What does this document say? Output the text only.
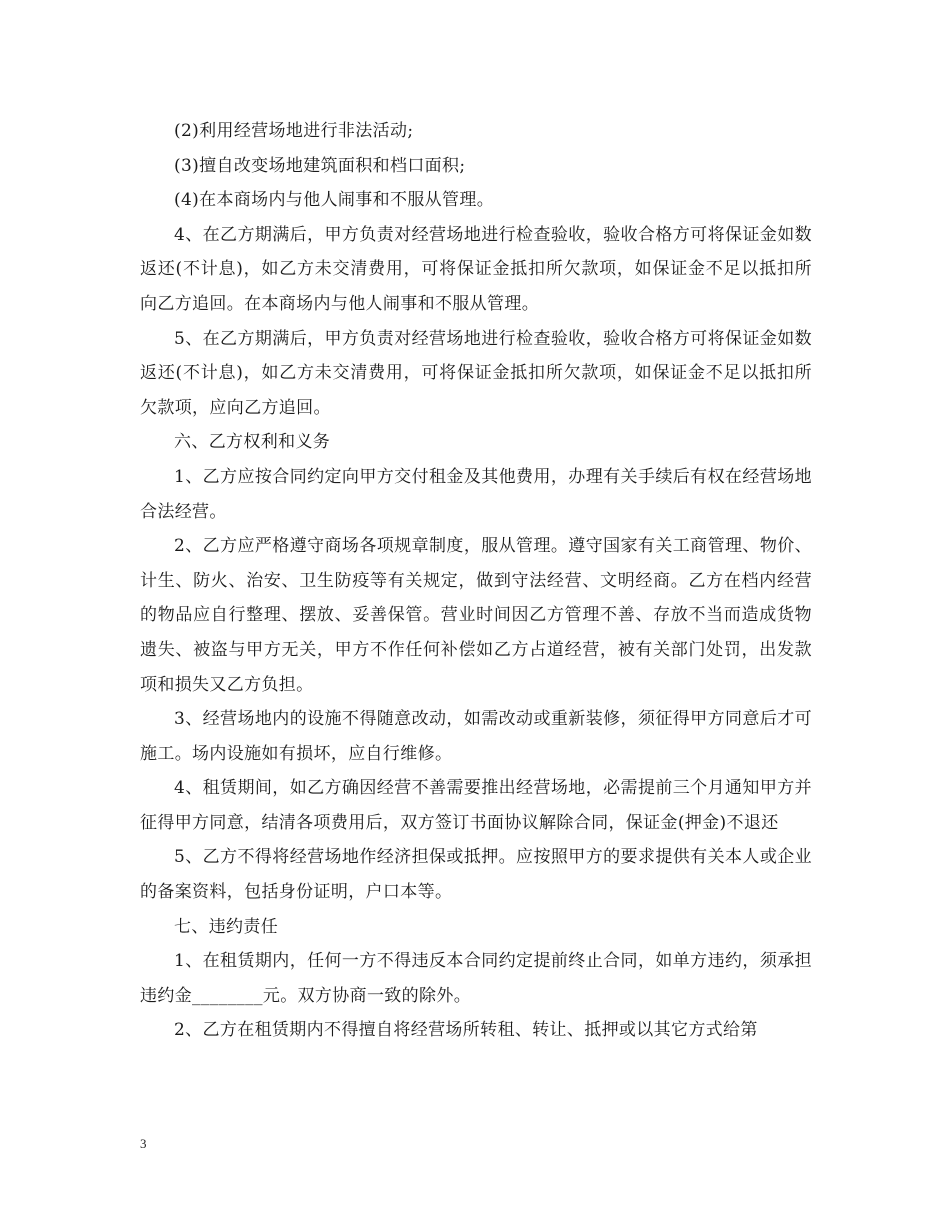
(2)利用经营场地进行非法活动;

(3)擅自改变场地建筑面积和档口面积;

(4)在本商场内与他人闹事和不服从管理。

4、在乙方期满后，甲方负责对经营场地进行检查验收，验收合格方可将保证金如数返还(不计息)，如乙方未交清费用，可将保证金抵扣所欠款项，如保证金不足以抵扣所向乙方追回。在本商场内与他人闹事和不服从管理。

5、在乙方期满后，甲方负责对经营场地进行检查验收，验收合格方可将保证金如数返还(不计息)，如乙方未交清费用，可将保证金抵扣所欠款项，如保证金不足以抵扣所欠款项，应向乙方追回。

六、乙方权利和义务

1、乙方应按合同约定向甲方交付租金及其他费用，办理有关手续后有权在经营场地合法经营。

2、乙方应严格遵守商场各项规章制度，服从管理。遵守国家有关工商管理、物价、计生、防火、治安、卫生防疫等有关规定，做到守法经营、文明经商。乙方在档内经营的物品应自行整理、摆放、妥善保管。营业时间因乙方管理不善、存放不当而造成货物遗失、被盗与甲方无关，甲方不作任何补偿如乙方占道经营，被有关部门处罚，出发款项和损失又乙方负担。

3、经营场地内的设施不得随意改动，如需改动或重新装修，须征得甲方同意后才可施工。场内设施如有损坏，应自行维修。

4、租赁期间，如乙方确因经营不善需要推出经营场地，必需提前三个月通知甲方并征得甲方同意，结清各项费用后，双方签订书面协议解除合同，保证金(押金)不退还

5、乙方不得将经营场地作经济担保或抵押。应按照甲方的要求提供有关本人或企业的备案资料，包括身份证明，户口本等。

七、违约责任

1、在租赁期内，任何一方不得违反本合同约定提前终止合同，如单方违约，须承担违约金________元。双方协商一致的除外。

2、乙方在租赁期内不得擅自将经营场所转租、转让、抵押或以其它方式给第

3
